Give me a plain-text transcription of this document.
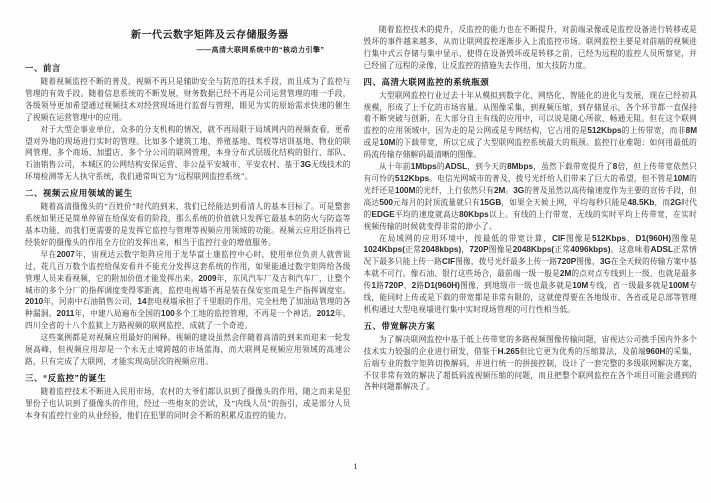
新一代云数字矩阵及云存储服务器
——高清大联网系统中的“核动力引擎”
一、前言
随着视频监控不断的普及，视频不再只是辅助安全与防范的技术手段，而且成为了监控与管理的有效手段。随着信息系统的不断发展，财务数据已经不再是公司运营管理的唯一手段，各级领导更加希望通过视频技术对经营现场进行监督与管理，眼见为实的原始需求快速的催生了视频在运营管理中的应用。
对于大型企事业单位，众多的分支机构的情况，就不再局限于局域网内的视频查看，更希望对外地的现场进行实时的管理。比如多个建筑工地、养殖基地、驾校等培训基地、物业的联网管理、多个商场、加盟店、多个分公司的联网管理，本身分布式层级化结构的银行、部队、石油销售公司，本城区的公网结构安保运营、非公益平安城市、平安农村、基于3G无线技术的环境检测等无人执守系统，我们通常叫它为“远程联网监控系统”。
二、视频云应用领域的诞生
随着高清摄像头的“百姓价”时代的到来，我们已经能达到看清人的基本目标了。可是整套系统如果还是简单停留在给保安看的阶段，那么系统的价值就只发挥它最基本的防火与防盗等基本功能，而我们更需要的是发挥它监控与管理等视频应用领域的功能。视频云应用泛指将已经装好的摄像头的作用全方位的发挥出来，相当于监控行业的增值服务。
早在2007年，宙视达云数字矩阵应用于龙华富士康监控中心时，使用单位负责人就曾说过，花几百万数个监控给保安看并不能充分发挥这套系统的作用，如果能通过数字矩阵给各级管理人员来看视频，它的附加价值才能发挥出来。2009年，东风汽车厂及吉利汽车厂，让整个城市的多个分厂的指挥调度变得零距离，监控电视墙不再是装在保安室而是生产指挥调度室。2010年，河南中石油销售公司，14套电视墙承担了千里眼的作用，完全杜绝了加油站管理的各种漏洞。2011年，中建八局遍布全国的100多个工地的监控管理，不再是一个神话。2012年，四川全省的十八个监狱上万路视频的联网监控，成就了一个奇迹。
这些案例都是对视频应用最好的阐释。视频的建设虽然会伴随着高清的到来而迎来一轮发展高峰，但视频应用却是一个永无止境跨越的市场蓝海，而大联网是视频应用领域的高速公路，只有完成了大联网，才能实现高层次的视频应用。
三、“反监控”的诞生
随着监控技术不断进入民用市场，农村的大爷们都认识到了摄像头的作用，随之而来是犯罪份子也认识到了摄像头的作用，经过一些炮灰的尝试，及“内线人员”的指引，或是部分人员本身有监控行业的从业经验，他们在犯罪的同时会不断的积累反监控的能力。
随着监控技术的提升，反监控的能力也在不断提升，对前端录像或是监控设备进行转移或是毁坏的事件越来越多，从而让联网监控逐渐步入上流监控市场。联网监控主要是对前端的视频进行集中式云存储与集中显示，使得在设备毁坏或是转移之前，已经为远程的监控人员所察觉，并已经留了远程的录像，让反监控的措施失去作用，加大技防力度。
四、高清大联网监控的系统瓶颈
大型联网监控行业过去十年从模拟到数字化、网络化、智能化的进化与发展，现在已经初具规模，形成了上千亿的市场容量。从图像采集，到视频压缩，到存储显示，各个环节都一直保持着不断突破与创新，在大部分自主有线的应用中，可以说是随心所欲、畅通无阻。但在这个联网监控的应用领域中，因为走的是公网或是专网结构，它占用的是512Kbps的上传带宽，而非8M或是10M的下载带宽，所以它成了大型联网监控系统最大的瓶颈。监控行业难题：如何用最低的码流传输存储解码最清晰的图像。
从十年前1Mbps的ADSL，到今天的8Mbps，虽然下载带宽提升了8倍，但上传带宽依然只有可怜的512Kbps。电信光网城市的普及，拨号光纤给人们带来了巨大的希望，但不管是10M的光纤还是100M的光纤，上行依然只有2M。3G的普及虽然以高传输速度作为主要的宣传手段，但高达500元每月的封顶流量就只有15GB，如果全天候上网，平均每秒只能是48.5Kb，而2G时代的EDGE平均的速度就高达80Kbps以上。有线的上行带宽，无线的实时平均上传带宽，在实时视频传输的时候就变得非常的渺小了。
在局域网的应用环境中，按最低的带宽计算，CIF图像是512Kbps，D1(960H)图像是1024Kbps(正常2048kbps)，720P图像是2048Kbps(正常4096kbps)。这意味着ADSL正常情况下最多只能上传一路CIF图像，拨号光纤最多上传一路720P图像，3G在全天候的传输方案中基本就不可行。像石油、银行这些场合，最前端一级一般是2M的点对点专线到上一级，也就是最多传1路720P、2路D1(960H)图像，到地级市一级也最多就是10M专线，省一级最多就是100M专线，能同时上传或是下载的带宽都是非常有限的，这就使得要在各地级市、各省或是总部等管理机构通过大型电视墙进行集中实时现场管理的可行性相当低。
五、带宽解决方案
为了解决联网监控中基于低上传带宽的多路视频图像传输问题，宙视达公司携手国内外多个技术实力较强的企业进行研发，借鉴于H.265但比它更为优秀的压缩算法，及前端960H的采集，后端专业的数字矩阵切换解码，并进行统一的拼接控制，设计了一套完整的多级联网解决方案，不仅非常有效的解决了超低码流视频压缩的问题，而且把整个联网监控在各个项目可能会遇到的各种问题都解决了。
1
